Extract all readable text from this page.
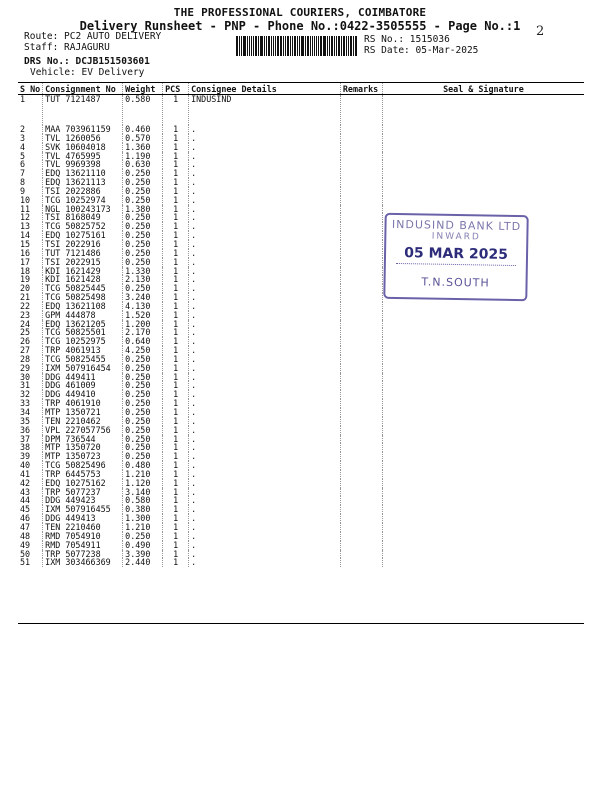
THE PROFESSIONAL COURIERS, COIMBATORE
Delivery Runsheet - PNP - Phone No.:0422-3505555 - Page No.:1	2
Route: PC2 AUTO DELIVERY
Staff: RAJAGURU
DRS No.: DCJB151503601
Vehicle: EV Delivery
RS No.: 1515036
RS Date: 05-Mar-2025
S No	Consignment No	Weight	PCS	Consignee Details	Remarks	Seal & Signature
1	TUT 7121487	0.580	1	INDUSIND		
2	MAA 703961159	0.460	1	.		
3	TVL 1260056	0.570	1	.		
4	SVK 10604018	1.360	1	.		
5	TVL 4765995	1.190	1	.		
6	TVL 9969398	0.630	1	.		
7	EDQ 13621110	0.250	1	.		
8	EDQ 13621113	0.250	1	.		
9	TSI 2022886	0.250	1	.		
10	TCG 10252974	0.250	1	.		
11	NGL 100243173	1.380	1	.		
12	TSI 8168049	0.250	1	.		
13	TCG 50825752	0.250	1	.		
14	EDQ 10275161	0.250	1	.		
15	TSI 2022916	0.250	1	.		
16	TUT 7121486	0.250	1	.		
17	TSI 2022915	0.250	1	.		
18	KDI 1621429	1.330	1	.		
19	KDI 1621428	2.130	1	.		
20	TCG 50825445	0.250	1	.		
21	TCG 50825498	3.240	1	.		
22	EDQ 13621108	4.130	1	.		
23	GPM 444878	1.520	1	.		
24	EDQ 13621205	1.200	1	.		
25	TCG 50825501	2.170	1	.		
26	TCG 10252975	0.640	1	.		
27	TRP 4061913	4.250	1	.		
28	TCG 50825455	0.250	1	.		
29	IXM 507916454	0.250	1	.		
30	DDG 449411	0.250	1	.		
31	DDG 461009	0.250	1	.		
32	DDG 449410	0.250	1	.		
33	TRP 4061910	0.250	1	.		
34	MTP 1350721	0.250	1	.		
35	TEN 2210462	0.250	1	.		
36	VPL 227057756	0.250	1	.		
37	DPM 736544	0.250	1	.		
38	MTP 1350720	0.250	1	.		
39	MTP 1350723	0.250	1	.		
40	TCG 50825496	0.480	1	.		
41	TRP 6445753	1.210	1	.		
42	EDQ 10275162	1.120	1	.		
43	TRP 5077237	3.140	1	.		
44	DDG 449423	0.580	1	.		
45	IXM 507916455	0.380	1	.		
46	DDG 449413	1.300	1	.		
47	TEN 2210460	1.210	1	.		
48	RMD 7054910	0.250	1	.		
49	RMD 7054911	0.490	1	.		
50	TRP 5077238	3.390	1	.		
51	IXM 303466369	2.440	1	.		
INDUSIND BANK LTD
INWARD
05 MAR 2025
T.N.SOUTH
